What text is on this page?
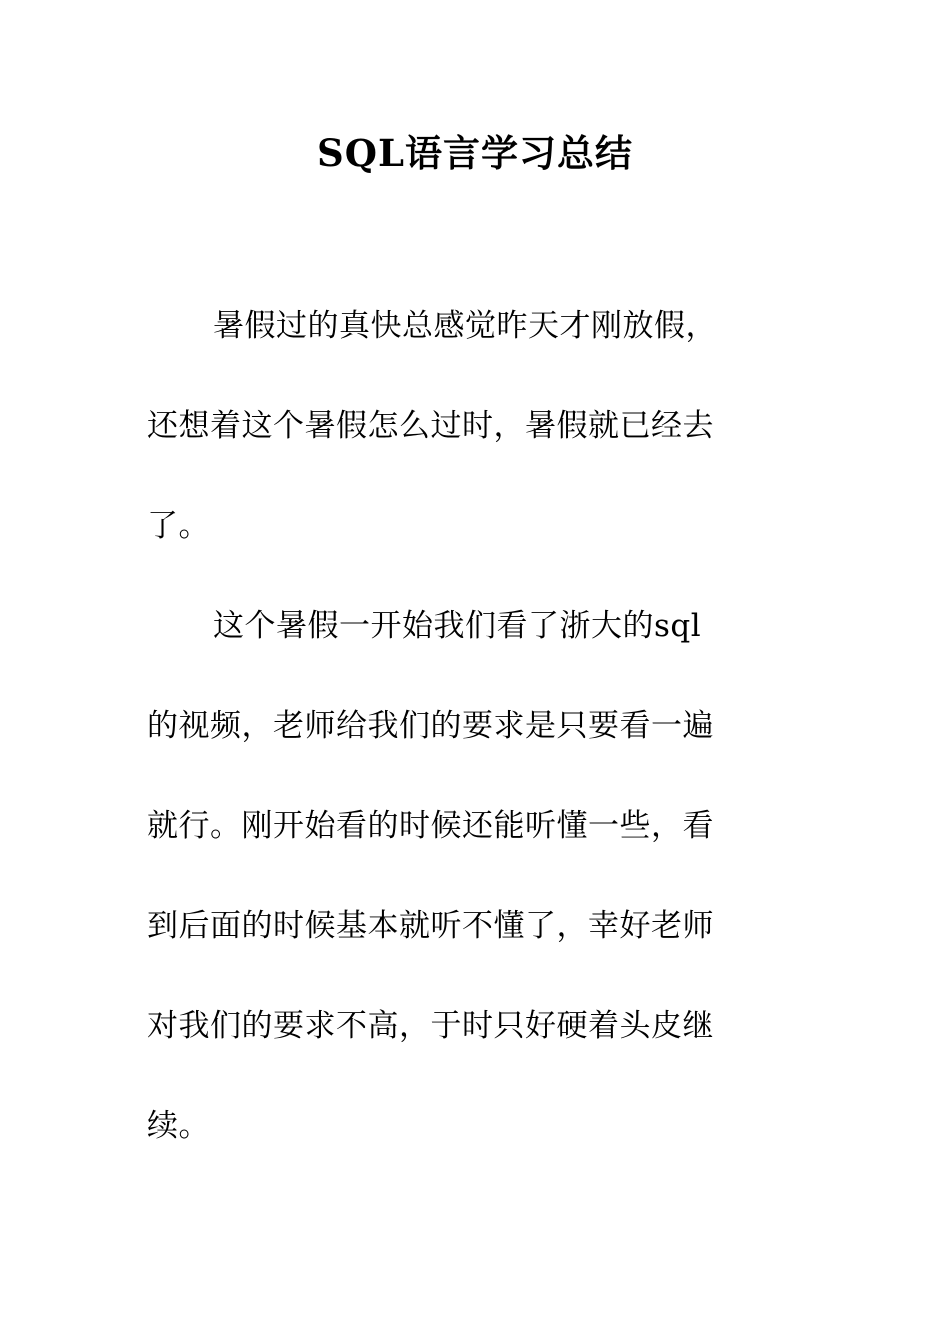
SQL语言学习总结
暑假过的真快总感觉昨天才刚放假，
还想着这个暑假怎么过时，暑假就已经去
了。
这个暑假一开始我们看了浙大的sql
的视频，老师给我们的要求是只要看一遍
就行。刚开始看的时候还能听懂一些，看
到后面的时候基本就听不懂了，幸好老师
对我们的要求不高，于时只好硬着头皮继
续。
